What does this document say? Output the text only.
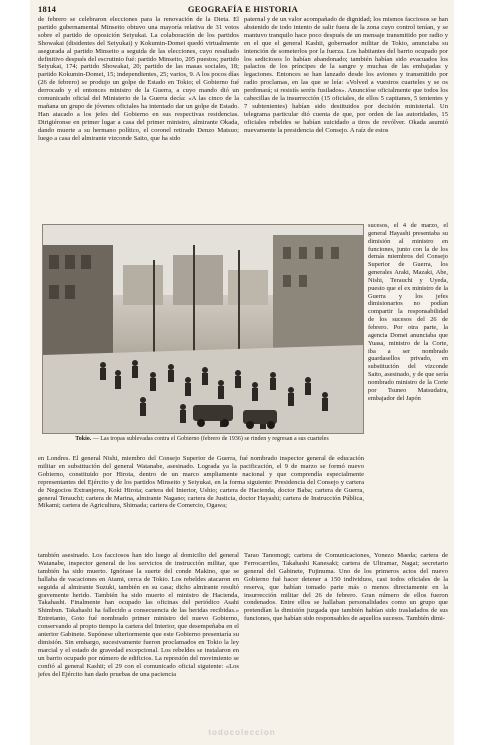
1814	GEOGRAFÍA E HISTORIA
de febrero se celebraron elecciones para la renovación de la Dieta. El partido gubernamental Minseito obtuvo una mayoría relativa de 31 votos sobre el partido de oposición Seiyukai. La colaboración de los partidos Showakai (disidentes del Seiyukai) y Kokumin-Domei quedó virtualmente asegurada al partido Minseito a seguida de las elecciones, cuyo resultado definitivo después del escrutinio fué: partido Minseito, 205 puestos; partido Seiyukai, 174; partido Showakai, 20; partido de las masas sociales, 18; partido Kokumin-Domei, 15; independientes, 25; varios, 9. A los pocos días (26 de febrero) se produjo un golpe de Estado en Tokio; el Gobierno fué derrocado y el entonces ministro de la Guerra, a cuyo mando dió un comunicado oficial del Ministerio de la Guerra decía: «A las cinco de la mañana un grupo de jóvenes oficiales ha intentado dar un golpe de Estado. Han atacado a los jefes del Gobierno en sus respectivas residencias. Dirigiéronse en primer lugar a casa del primer ministro, almirante Okada, dando muerte a su hermano político, el coronel retirado Denzo Matsuo; luego a casa del almirante vizconde Saito, que ha sido
paternal y de un valor acompañado de dignidad; los mismos facciosos se han abstenido de todo intento de salir fuera de la zona cuyo control tenían, y se mantuvo tranquilo hace poco después de un mensaje transmitido por radio y en el que el general Kashii, gobernador militar de Tokio, anunciaba su intención de someterlos por la fuerza. Los habitantes del barrio ocupado por los sediciosos lo habían abandonado; también habían sido evacuados los palacios de los príncipes de la sangre y muchas de las embajadas y legaciones. Entonces se han lanzado desde los aviones y transmitido por radio proclamas, en las que se leía: «Volved a vuestros cuarteles y se os perdonará; si resistís seréis fusilados». Anuncióse oficialmente que todos los cabecillas de la insurrección (15 oficiales, de ellos 5 capitanes, 5 tenientes y 7 subtenientes) habían sido destituidos por decisión ministerial. Un telegrama particular dió cuenta de que, por orden de las autoridades, 15 oficiales rebeldes se habían suicidado a tiros de revólver. Okada asumió nuevamente la presidencia del Consejo. A raíz de estos
Tokio. — Las tropas sublevadas contra el Gobierno (febrero de 1936) se rinden y regresan a sus cuarteles
sucesos, el 4 de marzo, el general Hayashi presentaba su dimisión al ministro en funciones, junto con la de los demás miembros del Consejo Superior de Guerra, los generales Araki, Mazaki, Abe, Nishi, Terauchi y Uyeda, puesto que el ex ministro de la Guerra y los jefes dimisionarios no podían compartir la responsabilidad de los sucesos del 26 de febrero. Por otra parte, la agencia Domei anunciaba que Yuasa, ministro de la Corte, iba a ser nombrado guardasellos privado, en substitución del vizconde Saito, asesinado, y de que sería nombrado ministro de la Corte por Tsuneo Matsudaira, embajador del Japón
en Londres. El general Nishi, miembro del Consejo Superior de Guerra, fué nombrado inspector general de educación militar en substitución del general Watanabe, asesinado. Lograda ya la pacificación, el 9 de marzo se formó nuevo Gobierno, constituido por Hirota, dentro de un marco ampliamente nacional y que comprendía especialmente representantes del Ejército y de los partidos Minseito y Seiyukai, en la forma siguiente: Presidencia del Consejo y cartera de Negocios Extranjeros, Koki Hirota; cartera del Interior, Ushio; cartera de Hacienda, doctor Baba; cartera de Guerra, general Terauchi; cartera de Marina, almirante Nagano; cartera de Justicia, doctor Hayashi; cartera de Instrucción Pública, Mikami; cartera de Agricultura, Shimada; cartera de Comercio, Ogawa;
también asesinado. Los facciosos han ido luego al domicilio del general Watanabe, inspector general de los servicios de instrucción militar, que también ha sido muerto. Ignórase la suerte del conde Makino, que se hallaba de vacaciones en Atami, cerca de Tokio. Los rebeldes atacaron en seguida al almirante Suzuki, también en su casa; dicho almirante resultó gravemente herido. También ha sido muerto el ministro de Hacienda, Takahashi. Finalmente han ocupado las oficinas del periódico Asahi Shimbun. Takahashi ha fallecido a consecuencia de las heridas recibidas.» Entretanto, Goto fué nombrado primer ministro del nuevo Gobierno, conservando al propio tiempo la cartera del Interior, que desempeñaba en el anterior Gabinete. Supónese ulteriormente que este Gobierno presentaría su dimisión. Sin embargo, sucesivamente fueron proclamados en Tokio la ley marcial y el estado de gravedad excepcional. Los rebeldes se instalaron en un barrio ocupado por número de edificios. La represión del movimiento se confió al general Kashii; el 29 con el comunicado oficial siguiente: «Los jefes del Ejército han dado pruebas de una paciencia
Tarao Tanomogi; cartera de Comunicaciones, Yonezo Maeda; cartera de Ferrocarriles, Takahashi Kanesaki; cartera de Ultramar, Nagai; secretario general del Gabinete, Fujinuma. Uno de los primeros actos del nuevo Gobierno fué hacer detener a 150 individuos, casi todos oficiales de la reserva, que habían tomado parte más o menos directamente en la insurrección militar del 26 de febrero. Gran número de ellos fueron condenados. Entre ellos se hallaban personalidades como un grupo que pretendían la dimisión juzgada que también habían sido trasladados de sus funciones, que habían sido responsables de aquellos sucesos. También dimi-
todocoleccion
